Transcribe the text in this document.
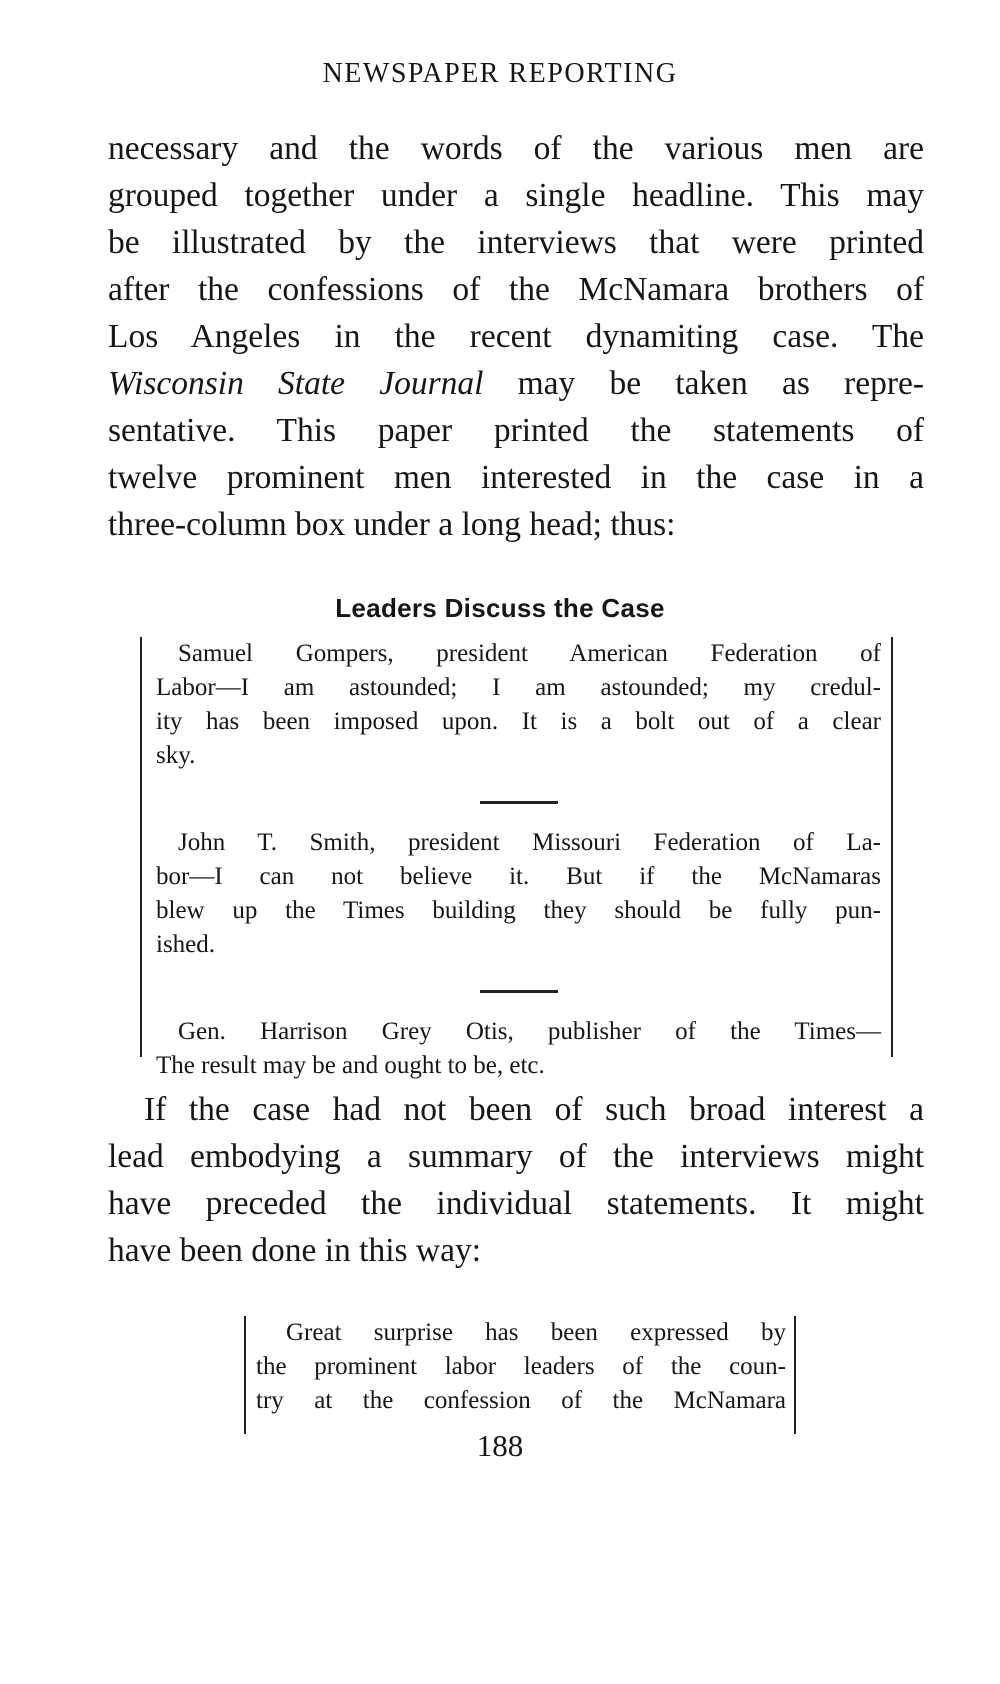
NEWSPAPER REPORTING
necessary and the words of the various men are
grouped together under a single headline. This may
be illustrated by the interviews that were printed
after the confessions of the McNamara brothers of
Los Angeles in the recent dynamiting case. The
Wisconsin State Journal may be taken as repre-
sentative. This paper printed the statements of
twelve prominent men interested in the case in a
three-column box under a long head; thus:
Leaders Discuss the Case
Samuel Gompers, president American Federation of
Labor—I am astounded; I am astounded; my credul-
ity has been imposed upon. It is a bolt out of a clear
sky.
John T. Smith, president Missouri Federation of La-
bor—I can not believe it. But if the McNamaras
blew up the Times building they should be fully pun-
ished.
Gen. Harrison Grey Otis, publisher of the Times—
The result may be and ought to be, etc.
If the case had not been of such broad interest a
lead embodying a summary of the interviews might
have preceded the individual statements. It might
have been done in this way:
Great surprise has been expressed by
the prominent labor leaders of the coun-
try at the confession of the McNamara
188
